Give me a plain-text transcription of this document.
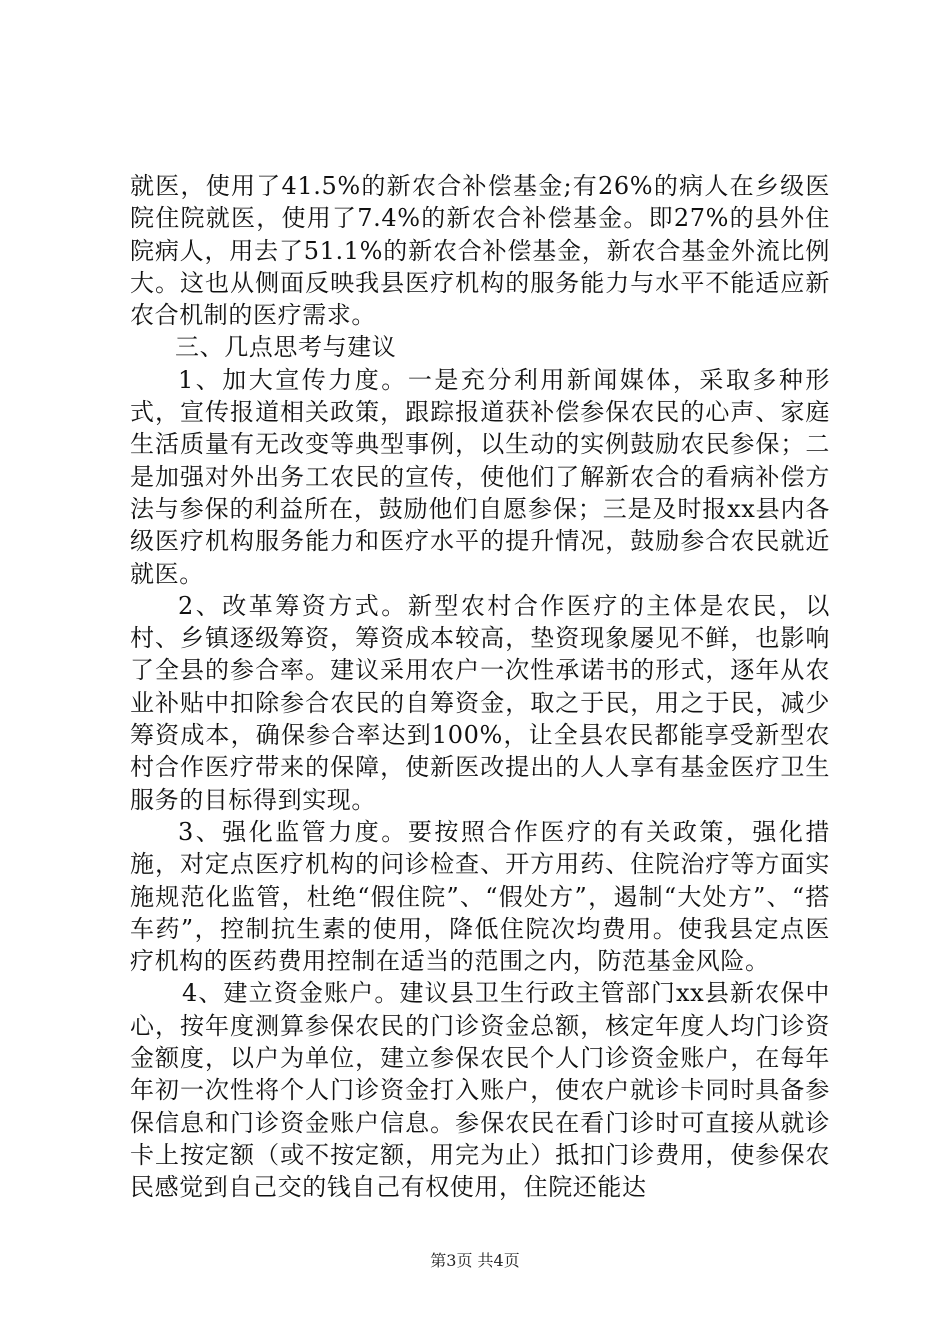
就医，使用了41.5%的新农合补偿基金;有26%的病人在乡级医院住院就医，使用了7.4%的新农合补偿基金。即27%的县外住院病人，用去了51.1%的新农合补偿基金，新农合基金外流比例大。这也从侧面反映我县医疗机构的服务能力与水平不能适应新农合机制的医疗需求。

三、几点思考与建议

1、加大宣传力度。一是充分利用新闻媒体，采取多种形式，宣传报道相关政策，跟踪报道获补偿参保农民的心声、家庭生活质量有无改变等典型事例，以生动的实例鼓励农民参保；二是加强对外出务工农民的宣传，使他们了解新农合的看病补偿方法与参保的利益所在，鼓励他们自愿参保；三是及时报xx县内各级医疗机构服务能力和医疗水平的提升情况，鼓励参合农民就近就医。

2、改革筹资方式。新型农村合作医疗的主体是农民，以村、乡镇逐级筹资，筹资成本较高，垫资现象屡见不鲜，也影响了全县的参合率。建议采用农户一次性承诺书的形式，逐年从农业补贴中扣除参合农民的自筹资金，取之于民，用之于民，减少筹资成本，确保参合率达到100%，让全县农民都能享受新型农村合作医疗带来的保障，使新医改提出的人人享有基金医疗卫生服务的目标得到实现。

3、强化监管力度。要按照合作医疗的有关政策，强化措施，对定点医疗机构的问诊检查、开方用药、住院治疗等方面实施规范化监管，杜绝“假住院”、“假处方”，遏制“大处方”、“搭车药”，控制抗生素的使用，降低住院次均费用。使我县定点医疗机构的医药费用控制在适当的范围之内，防范基金风险。

4、建立资金账户。建议县卫生行政主管部门xx县新农保中心，按年度测算参保农民的门诊资金总额，核定年度人均门诊资金额度，以户为单位，建立参保农民个人门诊资金账户，在每年年初一次性将个人门诊资金打入账户，使农户就诊卡同时具备参保信息和门诊资金账户信息。参保农民在看门诊时可直接从就诊卡上按定额（或不按定额，用完为止）抵扣门诊费用，使参保农民感觉到自己交的钱自己有权使用，住院还能达

第3页 共4页
